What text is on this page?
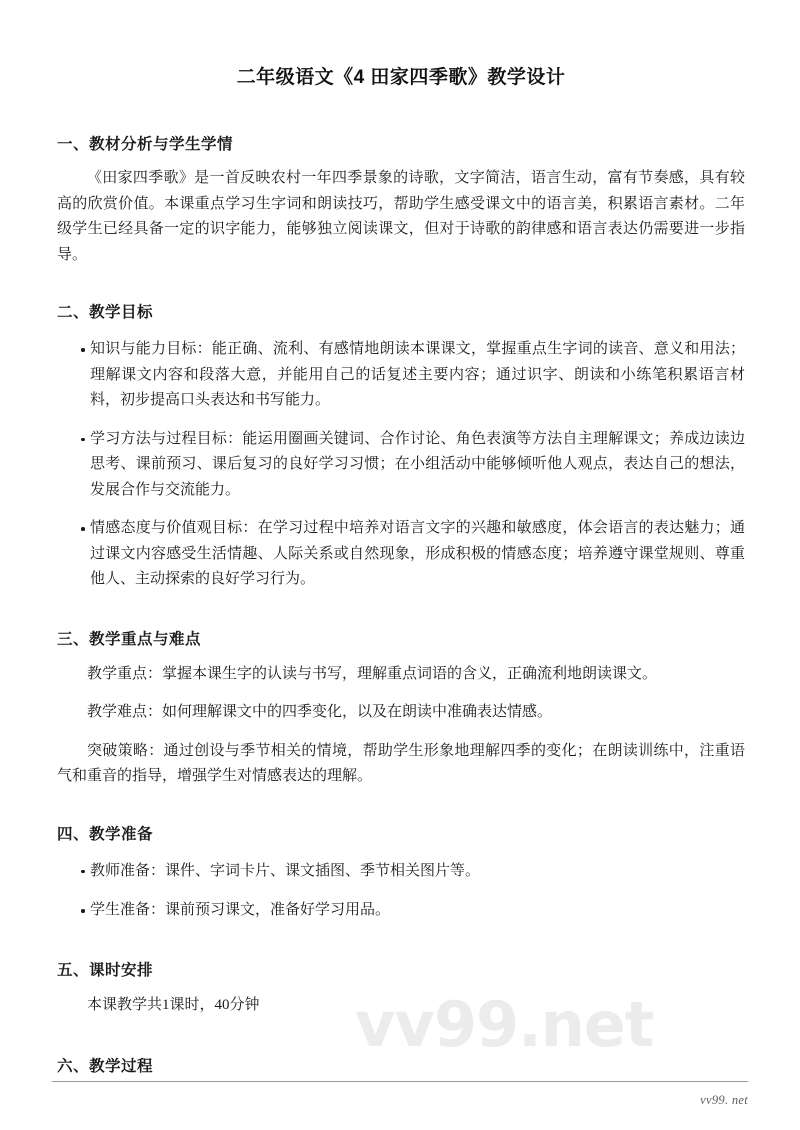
vv99.net
二年级语文《4 田家四季歌》教学设计
一、教材分析与学生学情

《田家四季歌》是一首反映农村一年四季景象的诗歌，文字简洁，语言生动，富有节奏感，具有较高的欣赏价值。本课重点学习生字词和朗读技巧，帮助学生感受课文中的语言美，积累语言素材。二年级学生已经具备一定的识字能力，能够独立阅读课文，但对于诗歌的韵律感和语言表达仍需要进一步指导。

二、教学目标
知识与能力目标：能正确、流利、有感情地朗读本课课文，掌握重点生字词的读音、意义和用法；理解课文内容和段落大意，并能用自己的话复述主要内容；通过识字、朗读和小练笔积累语言材料，初步提高口头表达和书写能力。
学习方法与过程目标：能运用圈画关键词、合作讨论、角色表演等方法自主理解课文；养成边读边思考、课前预习、课后复习的良好学习习惯；在小组活动中能够倾听他人观点，表达自己的想法，发展合作与交流能力。
情感态度与价值观目标：在学习过程中培养对语言文字的兴趣和敏感度，体会语言的表达魅力；通过课文内容感受生活情趣、人际关系或自然现象，形成积极的情感态度；培养遵守课堂规则、尊重他人、主动探索的良好学习行为。
三、教学重点与难点

教学重点：掌握本课生字的认读与书写，理解重点词语的含义，正确流利地朗读课文。

教学难点：如何理解课文中的四季变化，以及在朗读中准确表达情感。

突破策略：通过创设与季节相关的情境，帮助学生形象地理解四季的变化；在朗读训练中，注重语气和重音的指导，增强学生对情感表达的理解。

四、教学准备
教师准备：课件、字词卡片、课文插图、季节相关图片等。
学生准备：课前预习课文，准备好学习用品。
五、课时安排

本课教学共1课时，40分钟

六、教学过程
vv99. net
